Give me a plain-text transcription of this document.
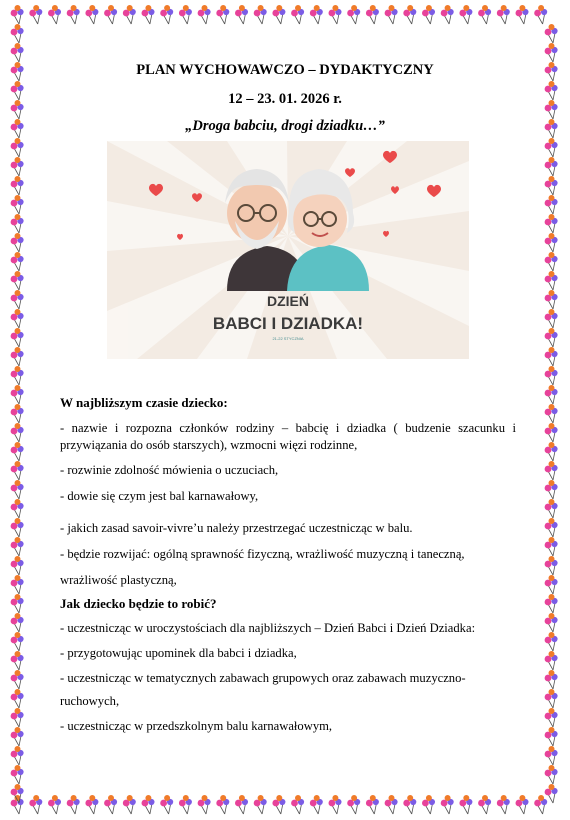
PLAN WYCHOWAWCZO – DYDAKTYCZNY
12 – 23. 01. 2026 r.
„Droga babciu, drogi dziadku…”
DZIEŃ
BABCI I DZIADKA!
21-22 STYCZNIA
W najbliższym czasie dziecko:
- nazwie i rozpozna członków rodziny – babcię i dziadka ( budzenie szacunku i przywiązania do osób starszych), wzmocni więzi rodzinne,
- rozwinie zdolność mówienia o uczuciach,
- dowie się czym jest bal karnawałowy,
- jakich zasad savoir-vivre’u należy przestrzegać uczestnicząc w balu.
- będzie rozwijać: ogólną sprawność fizyczną, wrażliwość muzyczną i taneczną,
wrażliwość plastyczną,
Jak dziecko będzie to robić?
- uczestnicząc w uroczystościach dla najbliższych – Dzień Babci i Dzień Dziadka:
- przygotowując upominek dla babci i dziadka,
- uczestnicząc w tematycznych zabawach grupowych oraz zabawach muzyczno-
ruchowych,
- uczestnicząc w przedszkolnym balu karnawałowym,
